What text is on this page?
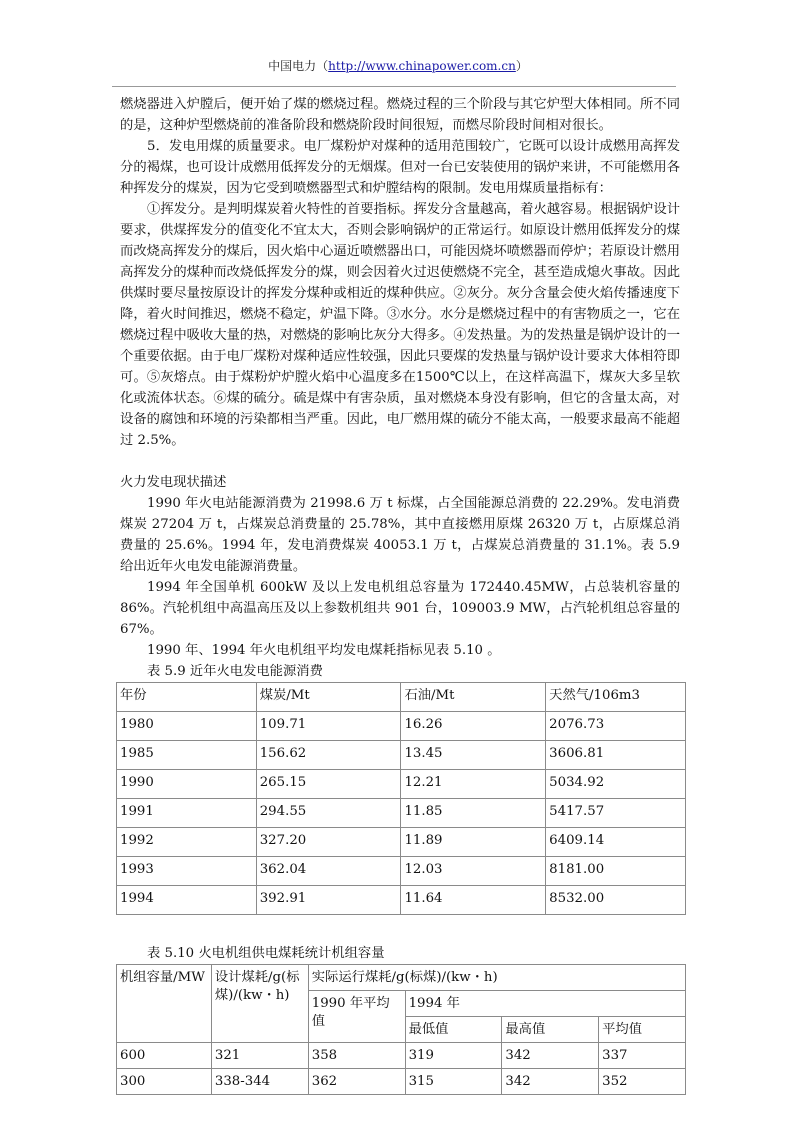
中国电力（http://www.chinapower.com.cn）

燃烧器进入炉膛后，便开始了煤的燃烧过程。燃烧过程的三个阶段与其它炉型大体相同。所不同的是，这种炉型燃烧前的准备阶段和燃烧阶段时间很短，而燃尽阶段时间相对很长。

5．发电用煤的质量要求。电厂煤粉炉对煤种的适用范围较广，它既可以设计成燃用高挥发分的褐煤，也可设计成燃用低挥发分的无烟煤。但对一台已安装使用的锅炉来讲，不可能燃用各种挥发分的煤炭，因为它受到喷燃器型式和炉膛结构的限制。发电用煤质量指标有：

①挥发分。是判明煤炭着火特性的首要指标。挥发分含量越高，着火越容易。根据锅炉设计要求，供煤挥发分的值变化不宜太大，否则会影响锅炉的正常运行。如原设计燃用低挥发分的煤而改烧高挥发分的煤后，因火焰中心逼近喷燃器出口，可能因烧坏喷燃器而停炉；若原设计燃用高挥发分的煤种而改烧低挥发分的煤，则会因着火过迟使燃烧不完全，甚至造成熄火事故。因此供煤时要尽量按原设计的挥发分煤种或相近的煤种供应。②灰分。灰分含量会使火焰传播速度下降，着火时间推迟，燃烧不稳定，炉温下降。③水分。水分是燃烧过程中的有害物质之一，它在燃烧过程中吸收大量的热，对燃烧的影响比灰分大得多。④发热量。为的发热量是锅炉设计的一个重要依据。由于电厂煤粉对煤种适应性较强，因此只要煤的发热量与锅炉设计要求大体相符即可。⑤灰熔点。由于煤粉炉炉膛火焰中心温度多在1500℃以上，在这样高温下，煤灰大多呈软化或流体状态。⑥煤的硫分。硫是煤中有害杂质，虽对燃烧本身没有影响，但它的含量太高，对设备的腐蚀和环境的污染都相当严重。因此，电厂燃用煤的硫分不能太高，一般要求最高不能超过 2.5%。

火力发电现状描述

1990 年火电站能源消费为 21998.6 万 t 标煤，占全国能源总消费的 22.29%。发电消费煤炭 27204 万 t，占煤炭总消费量的 25.78%，其中直接燃用原煤 26320 万 t，占原煤总消费量的 25.6%。1994 年，发电消费煤炭 40053.1 万 t，占煤炭总消费量的 31.1%。表 5.9 给出近年火电发电能源消费量。

1994 年全国单机 600kW 及以上发电机组总容量为 172440.45MW，占总装机容量的 86%。汽轮机组中高温高压及以上参数机组共 901 台，109003.9 MW，占汽轮机组总容量的 67%。

1990 年、1994 年火电机组平均发电煤耗指标见表 5.10 。

表 5.9 近年火电发电能源消费

年份	煤炭/Mt	石油/Mt	天然气/106m3
1980	109.71	16.26	2076.73
1985	156.62	13.45	3606.81
1990	265.15	12.21	5034.92
1991	294.55	11.85	5417.57
1992	327.20	11.89	6409.14
1993	362.04	12.03	8181.00
1994	392.91	11.64	8532.00

表 5.10 火电机组供电煤耗统计机组容量

机组容量/MW	设计煤耗/g(标煤)/(kw・h)	实际运行煤耗/g(标煤)/(kw・h)			
		1990 年平均值	1994 年		
			最低值	最高值	平均值
600	321	358	319	342	337
300	338-344	362	315	342	352
